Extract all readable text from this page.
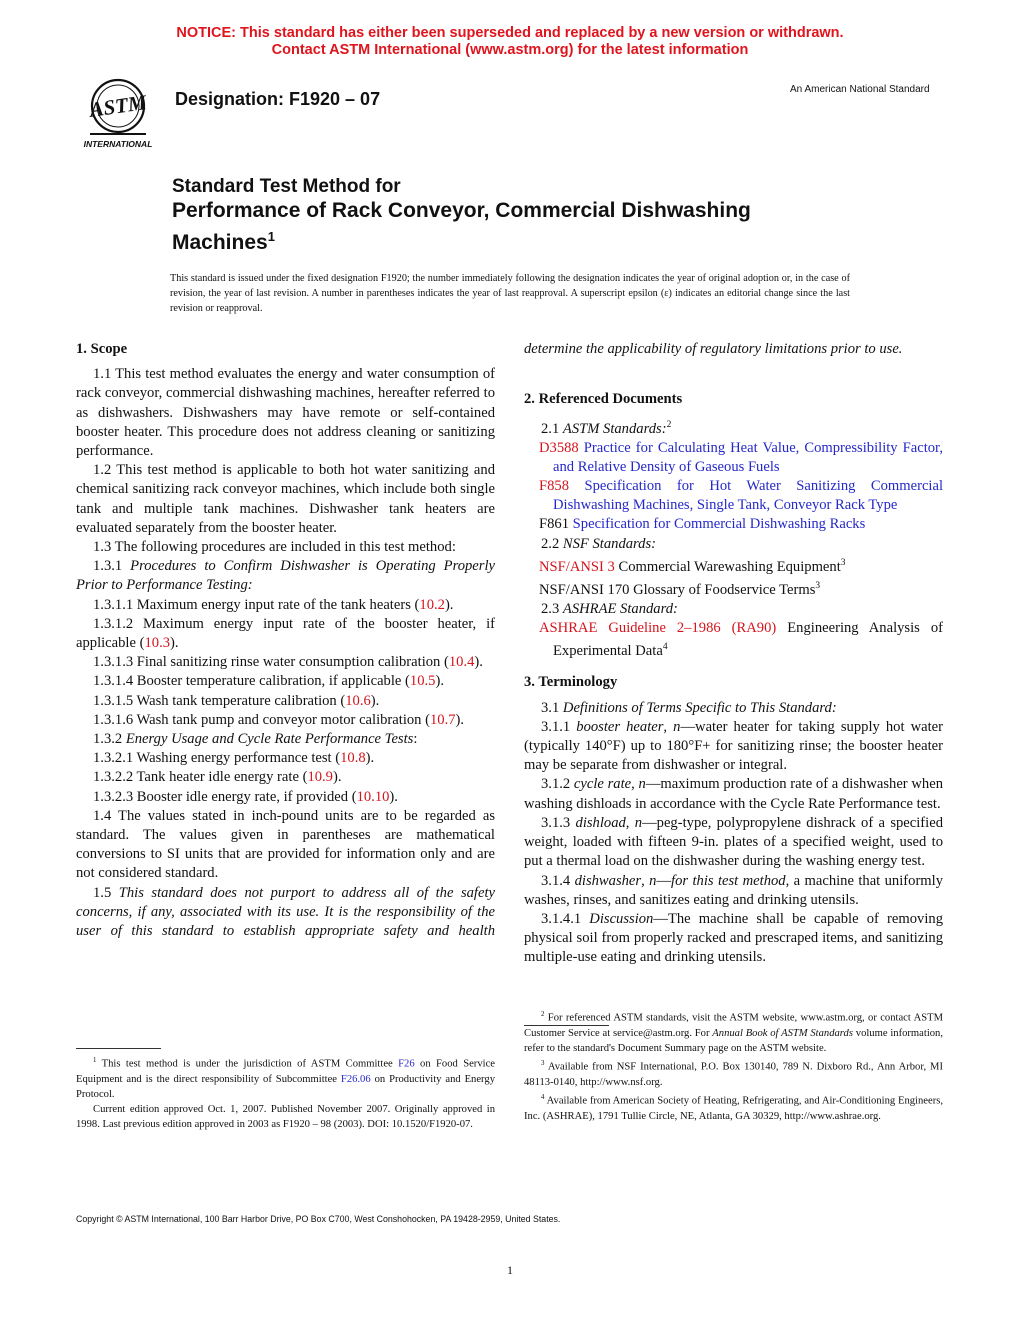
NOTICE: This standard has either been superseded and replaced by a new version or withdrawn.
Contact ASTM International (www.astm.org) for the latest information
ASTM
INTERNATIONAL
Designation: F1920 – 07	An American National Standard
Standard Test Method for
Performance of Rack Conveyor, Commercial Dishwashing
Machines$^1$
This standard is issued under the fixed designation F1920; the number immediately following the designation indicates the year of original adoption or, in the case of revision, the year of last revision. A number in parentheses indicates the year of last reapproval. A superscript epsilon (ε) indicates an editorial change since the last revision or reapproval.
1. Scope

1.1 This test method evaluates the energy and water consumption of rack conveyor, commercial dishwashing machines, hereafter referred to as dishwashers. Dishwashers may have remote or self-contained booster heater. This procedure does not address cleaning or sanitizing performance.

1.2 This test method is applicable to both hot water sanitizing and chemical sanitizing rack conveyor machines, which include both single tank and multiple tank machines. Dishwasher tank heaters are evaluated separately from the booster heater.

1.3 The following procedures are included in this test method:

1.3.1 Procedures to Confirm Dishwasher is Operating Properly Prior to Performance Testing:

1.3.1.1 Maximum energy input rate of the tank heaters (10.2).

1.3.1.2 Maximum energy input rate of the booster heater, if applicable (10.3).

1.3.1.3 Final sanitizing rinse water consumption calibration (10.4).

1.3.1.4 Booster temperature calibration, if applicable (10.5).

1.3.1.5 Wash tank temperature calibration (10.6).

1.3.1.6 Wash tank pump and conveyor motor calibration (10.7).

1.3.2 Energy Usage and Cycle Rate Performance Tests:

1.3.2.1 Washing energy performance test (10.8).

1.3.2.2 Tank heater idle energy rate (10.9).

1.3.2.3 Booster idle energy rate, if provided (10.10).

1.4 The values stated in inch-pound units are to be regarded as standard. The values given in parentheses are mathematical conversions to SI units that are provided for information only and are not considered standard.

1.5 This standard does not purport to address all of the safety concerns, if any, associated with its use. It is the responsibility of the user of this standard to establish appropriate safety and health

determine the applicability of regulatory limitations prior to use.

2. Referenced Documents

2.1 ASTM Standards:$^2$

D3588 Practice for Calculating Heat Value, Compressibility Factor, and Relative Density of Gaseous Fuels

F858 Specification for Hot Water Sanitizing Commercial Dishwashing Machines, Single Tank, Conveyor Rack Type

F861 Specification for Commercial Dishwashing Racks

2.2 NSF Standards:

NSF/ANSI 3 Commercial Warewashing Equipment$^3$

NSF/ANSI 170 Glossary of Foodservice Terms$^3$

2.3 ASHRAE Standard:

ASHRAE Guideline 2–1986 (RA90) Engineering Analysis of Experimental Data$^4$

3. Terminology

3.1 Definitions of Terms Specific to This Standard:

3.1.1 booster heater, n—water heater for taking supply hot water (typically 140°F) up to 180°F+ for sanitizing rinse; the booster heater may be separate from dishwasher or integral.

3.1.2 cycle rate, n—maximum production rate of a dishwasher when washing dishloads in accordance with the Cycle Rate Performance test.

3.1.3 dishload, n—peg-type, polypropylene dishrack of a specified weight, loaded with fifteen 9-in. plates of a specified weight, used to put a thermal load on the dishwasher during the washing energy test.

3.1.4 dishwasher, n—for this test method, a machine that uniformly washes, rinses, and sanitizes eating and drinking utensils.

3.1.4.1 Discussion—The machine shall be capable of removing physical soil from properly racked and prescraped items, and sanitizing multiple-use eating and drinking utensils.

$^1$ This test method is under the jurisdiction of ASTM Committee F26 on Food Service Equipment and is the direct responsibility of Subcommittee F26.06 on Productivity and Energy Protocol.

Current edition approved Oct. 1, 2007. Published November 2007. Originally approved in 1998. Last previous edition approved in 2003 as F1920 – 98 (2003). DOI: 10.1520/F1920-07.

$^2$ For referenced ASTM standards, visit the ASTM website, www.astm.org, or contact ASTM Customer Service at service@astm.org. For Annual Book of ASTM Standards volume information, refer to the standard's Document Summary page on the ASTM website.

$^3$ Available from NSF International, P.O. Box 130140, 789 N. Dixboro Rd., Ann Arbor, MI 48113-0140, http://www.nsf.org.

$^4$ Available from American Society of Heating, Refrigerating, and Air-Conditioning Engineers, Inc. (ASHRAE), 1791 Tullie Circle, NE, Atlanta, GA 30329, http://www.ashrae.org.

Copyright © ASTM International, 100 Barr Harbor Drive, PO Box C700, West Conshohocken, PA 19428-2959, United States.
1
